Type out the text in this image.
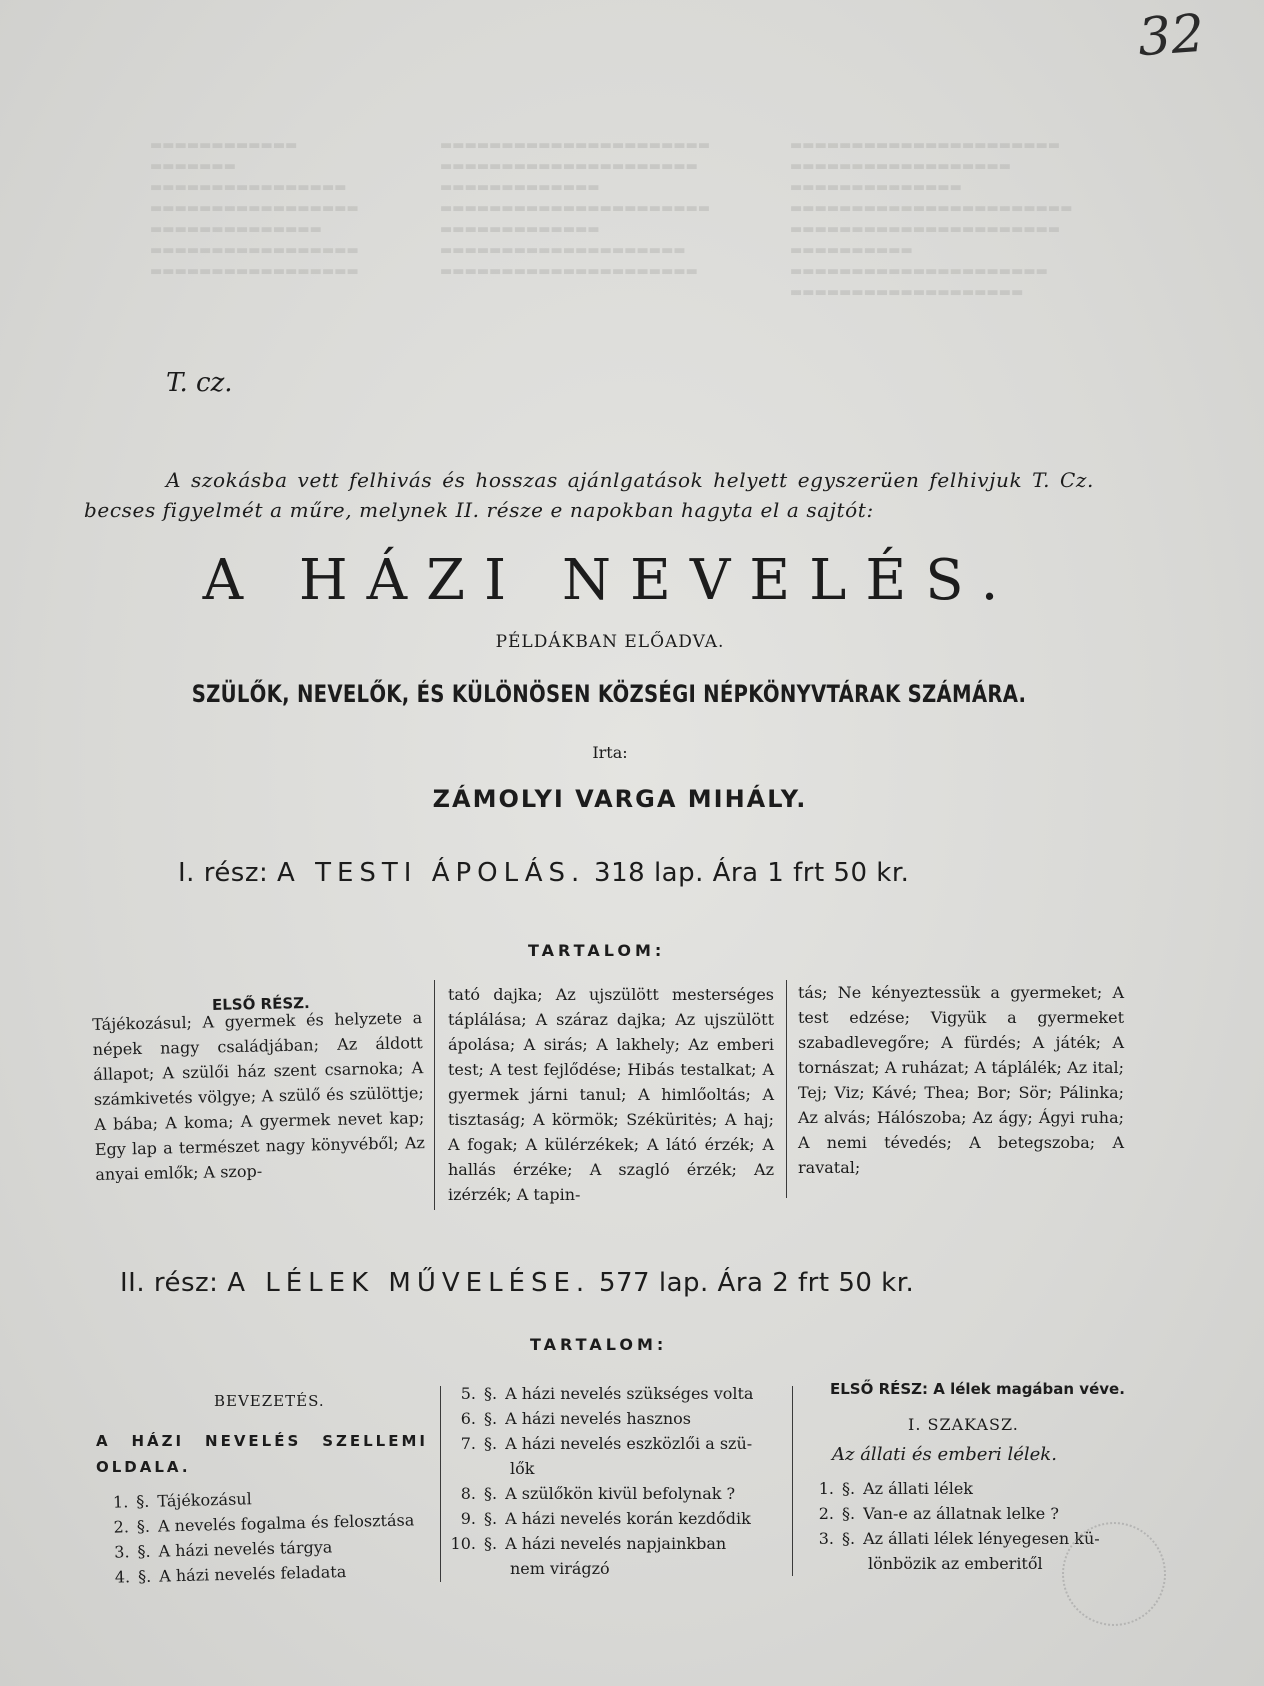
▬▬▬▬▬▬▬▬▬▬▬▬
▬▬▬▬▬▬▬
▬▬▬▬▬▬▬▬▬▬▬▬▬▬▬▬
▬▬▬▬▬▬▬▬▬▬▬▬▬▬▬▬▬
▬▬▬▬▬▬▬▬▬▬▬▬▬▬
▬▬▬▬▬▬▬▬▬▬▬▬▬▬▬▬▬
▬▬▬▬▬▬▬▬▬▬▬▬▬▬▬▬▬
▬▬▬▬▬▬▬▬▬▬▬▬▬▬▬▬▬▬▬▬▬▬
▬▬▬▬▬▬▬▬▬▬▬▬▬▬▬▬▬▬▬▬▬
▬▬▬▬▬▬▬▬▬▬▬▬▬
▬▬▬▬▬▬▬▬▬▬▬▬▬▬▬▬▬▬▬▬▬▬
▬▬▬▬▬▬▬▬▬▬▬▬▬
▬▬▬▬▬▬▬▬▬▬▬▬▬▬▬▬▬▬▬▬
▬▬▬▬▬▬▬▬▬▬▬▬▬▬▬▬▬▬▬▬▬
▬▬▬▬▬▬▬▬▬▬▬▬▬▬▬▬▬▬▬▬▬▬
▬▬▬▬▬▬▬▬▬▬▬▬▬▬▬▬▬▬
▬▬▬▬▬▬▬▬▬▬▬▬▬▬
▬▬▬▬▬▬▬▬▬▬▬▬▬▬▬▬▬▬▬▬▬▬▬
▬▬▬▬▬▬▬▬▬▬▬▬▬▬▬▬▬▬▬▬▬▬
▬▬▬▬▬▬▬▬▬▬
▬▬▬▬▬▬▬▬▬▬▬▬▬▬▬▬▬▬▬▬▬
▬▬▬▬▬▬▬▬▬▬▬▬▬▬▬▬▬▬▬
32
T. cz.
A szokásba vett felhivás és hosszas ajánlgatások helyett egyszerüen felhivjuk T. Cz. becses figyelmét a műre, melynek II. része e napokban hagyta el a sajtót:
A HÁZI NEVELÉS.
PÉLDÁKBAN ELŐADVA.
SZÜLŐK, NEVELŐK, ÉS KÜLÖNÖSEN KÖZSÉGI NÉPKÖNYVTÁRAK SZÁMÁRA.
Irta:
ZÁMOLYI VARGA MIHÁLY.
I. rész: A TESTI ÁPOLÁS. 318 lap. Ára 1 frt 50 kr.
TARTALOM:
ELSŐ RÉSZ.
Tájékozásul; A gyermek és helyzete a népek nagy családjában; Az áldott állapot; A szülői ház szent csarnoka; A számkivetés völgye; A szülő és szülöttje; A bába; A koma; A gyermek nevet kap; Egy lap a természet nagy könyvéből; Az anyai emlők; A szop-
tató dajka; Az ujszülött mesterséges táplálása; A száraz dajka; Az ujszülött ápolása; A sirás; A lakhely; Az emberi test; A test fejlődése; Hibás testalkat; A gyermek járni tanul; A himlőoltás; A tisztaság; A körmök; Széküritės; A haj; A fogak; A külérzékek; A látó érzék; A hallás érzéke; A szagló érzék; Az izérzék; A tapin-
tás; Ne kényeztessük a gyermeket; A test edzése; Vigyük a gyermeket szabadlevegőre; A fürdés; A játék; A tornászat; A ruházat; A táplálék; Az ital; Tej; Viz; Kávé; Thea; Bor; Sör; Pálinka; Az alvás; Hálószoba; Az ágy; Ágyi ruha; A nemi tévedés; A betegszoba; A ravatal;
II. rész: A LÉLEK MŰVELÉSE. 577 lap. Ára 2 frt 50 kr.
TARTALOM:
BEVEZETÉS.
A HÁZI NEVELÉS SZELLEMI OLDALA.
1. §. Tájékozásul
2. §. A nevelés fogalma és felosztása
3. §. A házi nevelés tárgya
4. §. A házi nevelés feladata
5. §. A házi nevelés szükséges volta
6. §. A házi nevelés hasznos
7. §. A házi nevelés eszközlői a szü-
lők
8. §. A szülőkön kivül befolynak ?
9. §. A házi nevelés korán kezdődik
10. §. A házi nevelés napjainkban
nem virágzó
ELSŐ RÉSZ: A lélek magában véve.
I. SZAKASZ.
Az állati és emberi lélek.
1. §. Az állati lélek
2. §. Van-e az állatnak lelke ?
3. §. Az állati lélek lényegesen kü-
lönbözik az emberitől
